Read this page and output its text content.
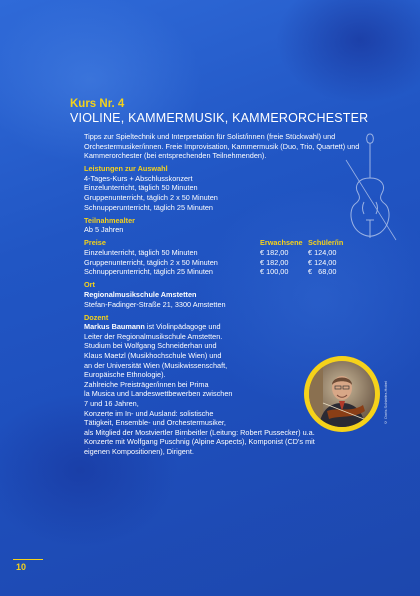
Kurs Nr. 4
VIOLINE, KAMMERMUSIK, KAMMERORCHESTER

Tipps zur Spieltechnik und Interpretation für Solist/innen (freie Stückwahl) und Orchestermusiker/innen. Freie Improvisation, Kammermusik (Duo, Trio, Quartett) und Kammerorchester (bei entsprechenden Teilnehmenden).

Leistungen zur Auswahl

4-Tages-Kurs + Abschlusskonzert

Einzelunterricht, täglich 50 Minuten

Gruppenunterricht, täglich 2 x 50 Minuten

Schnupperunterricht, täglich 25 Minuten

Teilnahmealter

Ab 5 Jahren

Preise	Erwachsene	Schüler/in
Einzelunterricht, täglich 50 Minuten	€ 182,00	€ 124,00
Gruppenunterricht, täglich 2 x 50 Minuten	€ 182,00	€ 124,00
Schnupperunterricht, täglich 25 Minuten	€ 100,00	€   68,00

Ort

Regionalmusikschule Amstetten

Stefan-Fadinger-Straße 21, 3300 Amstetten

Dozent

Markus Baumann ist Violinpädagoge und

Leiter der Regionalmusikschule Amstetten.

Studium bei Wolfgang Schneiderhan und

Klaus Maetzl (Musikhochschule Wien) und

an der Universität Wien (Musikwissenschaft,

Europäische Ethnologie).

Zahlreiche Preisträger/innen bei Prima

la Musica und Landeswettbewerben zwischen

7 und 16 Jahren,

Konzerte im In- und Ausland: solistische

Tätigkeit, Ensemble- und Orchestermusiker,

als Mitglied der Mostviertler Birnbeitler (Leitung: Robert Pussecker) u.a.

Konzerte mit Wolfgang Puschnig (Alpine Aspects), Komponist (CD's mit

eigenen Kompositionen), Dirigent.

© Doris Schleifer-Hobel
10
